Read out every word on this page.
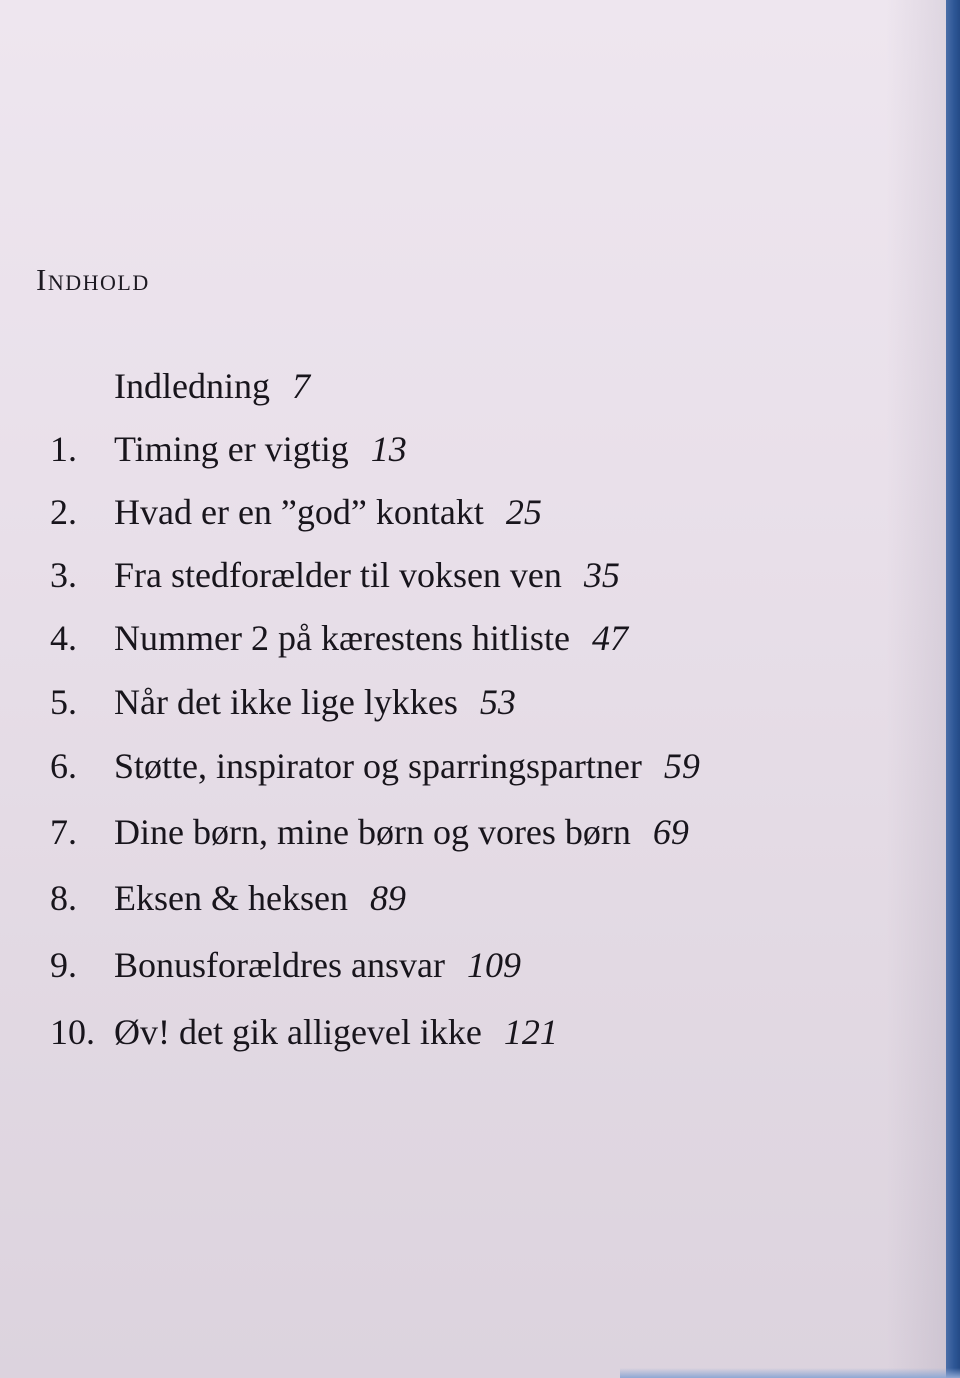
Indhold
Indledning 7
1.	Timing er vigtig 13
2.	Hvad er en ”god” kontakt 25
3.	Fra stedforælder til voksen ven 35
4.	Nummer 2 på kærestens hitliste 47
5.	Når det ikke lige lykkes 53
6.	Støtte, inspirator og sparringspartner 59
7.	Dine børn, mine børn og vores børn 69
8.	Eksen & heksen 89
9.	Bonusforældres ansvar 109
10. Øv! det gik alligevel ikke 121
